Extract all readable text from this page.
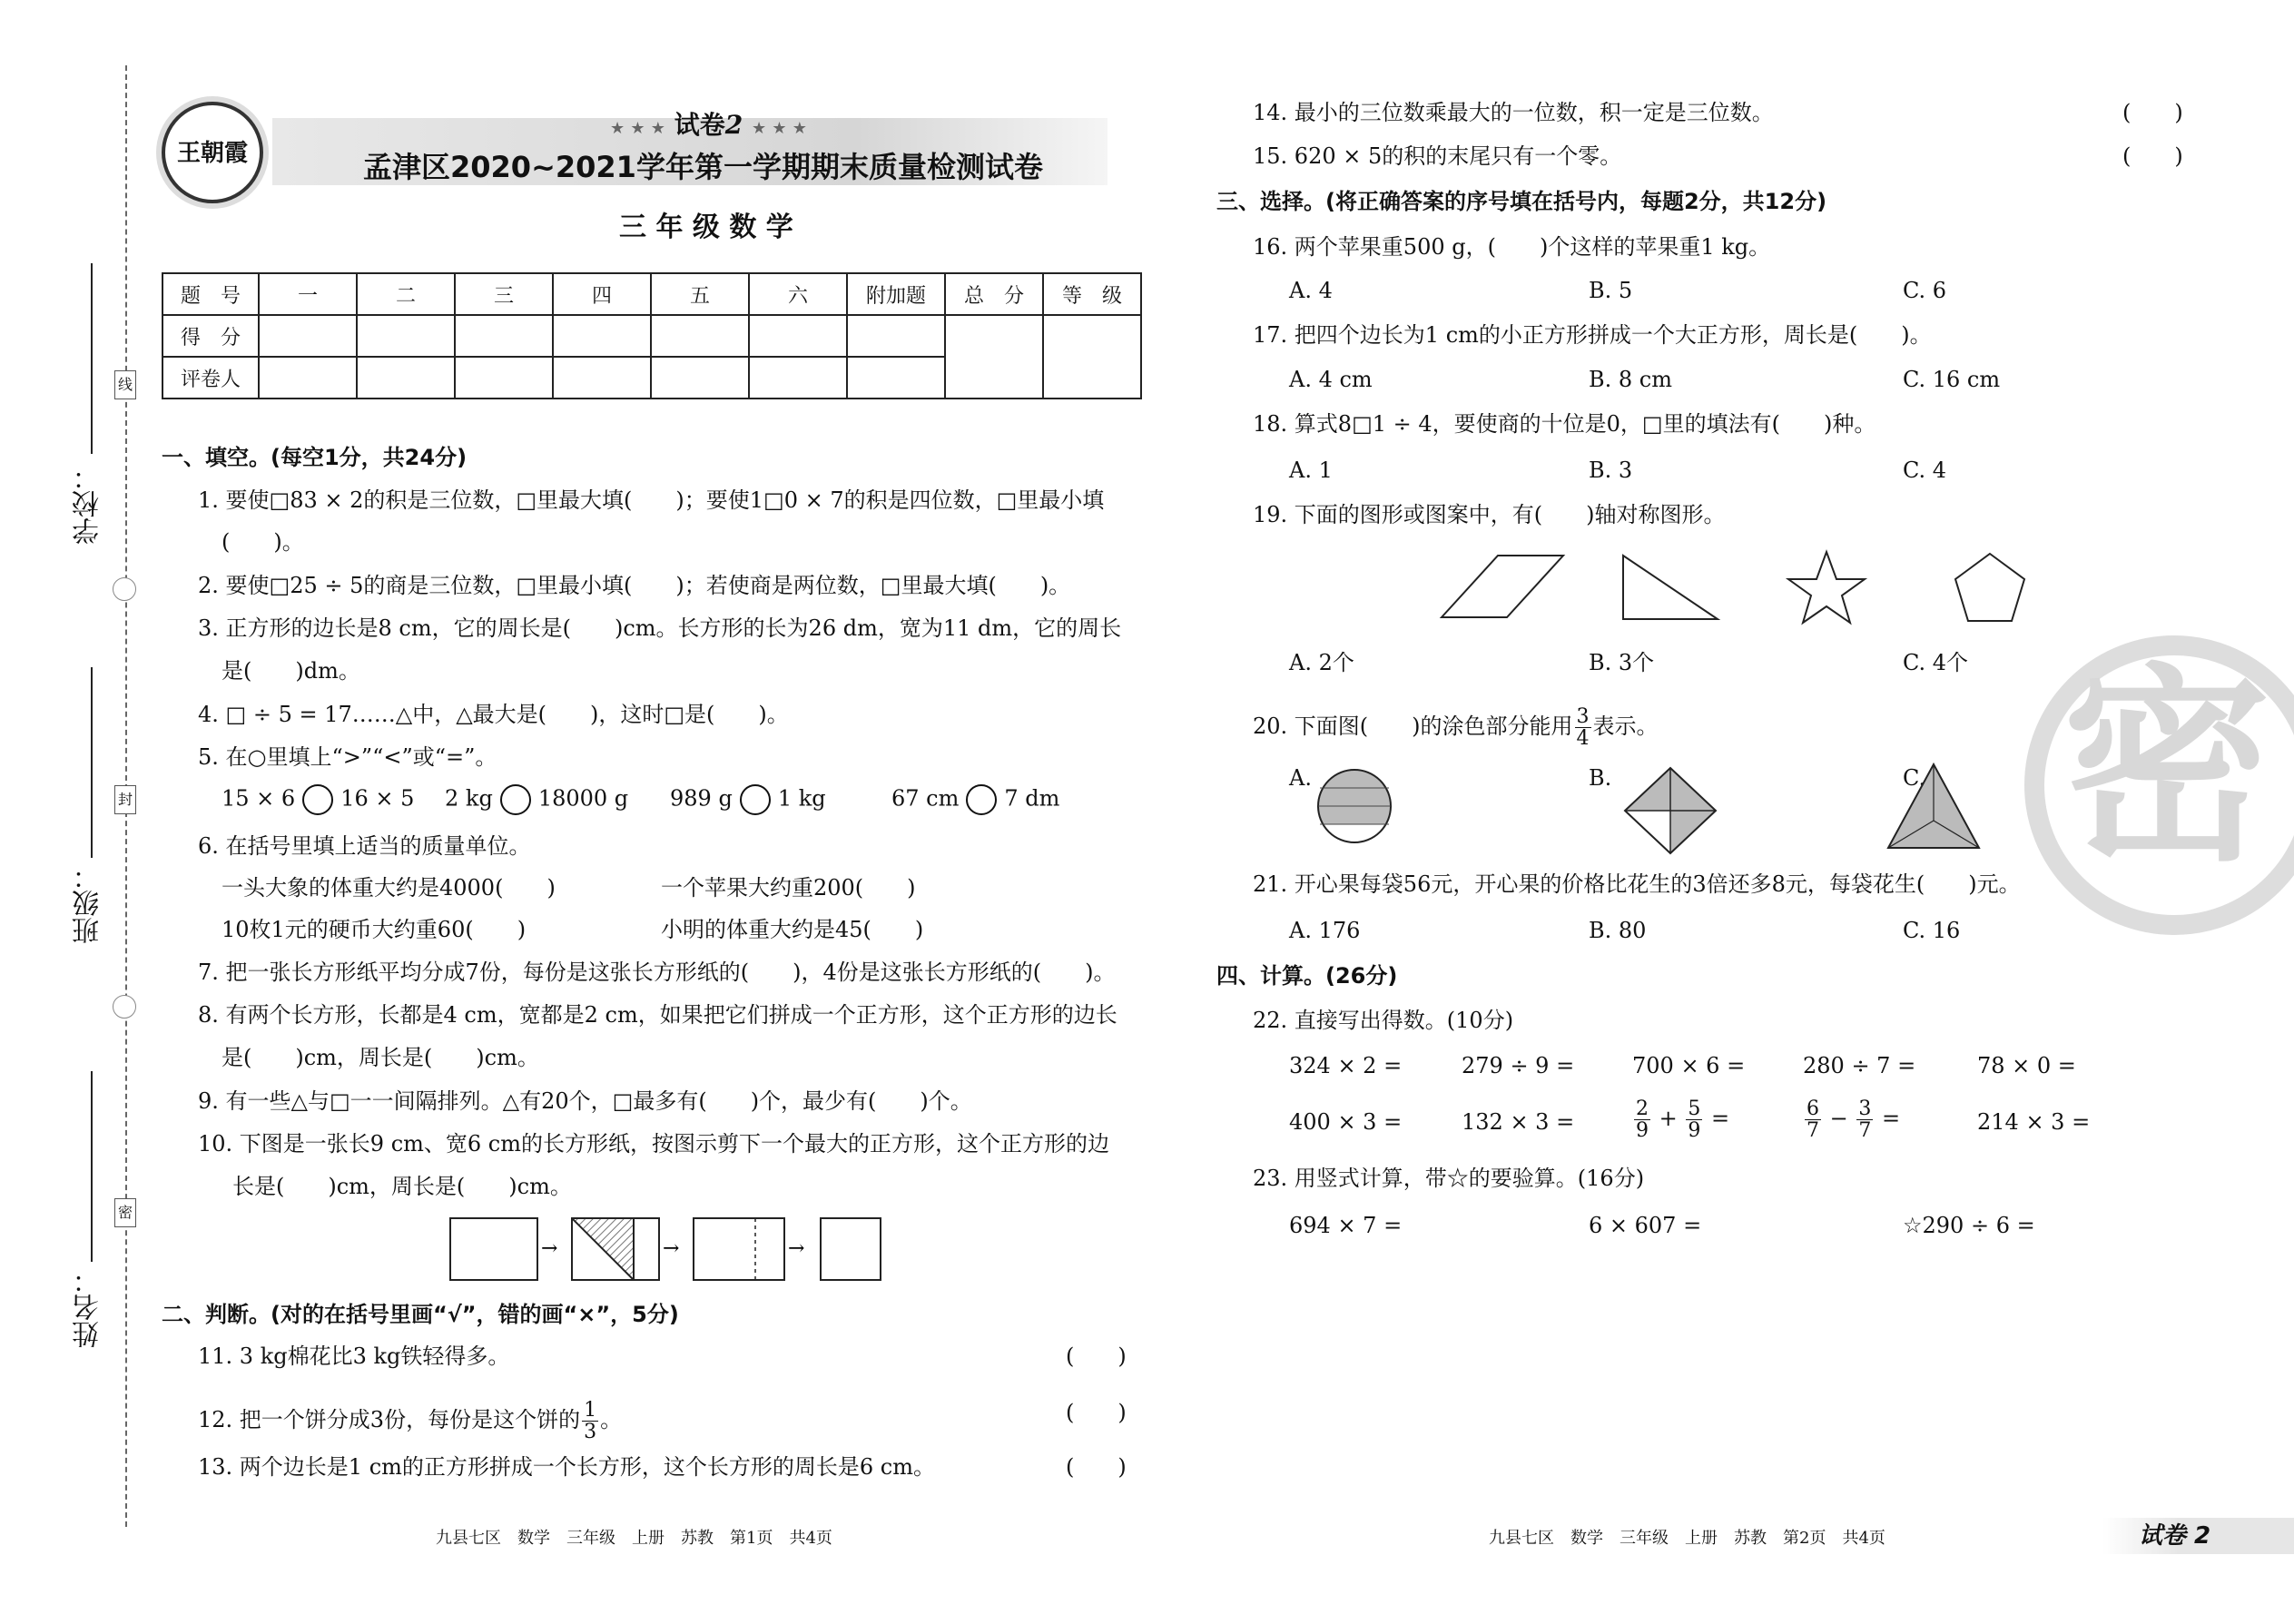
线
封
密
学校：
班级：
姓名：
王朝霞
★ ★ ★ 试卷2 ★ ★ ★
孟津区2020~2021学年第一学期期末质量检测试卷
三 年 级 数 学
题　号	一	二	三	四	五	六	附加题	总　分	等　级
得　分									
评卷人									
一、填空。(每空1分，共24分)
1. 要使□83 × 2的积是三位数，□里最大填(　　)；要使1□0 × 7的积是四位数，□里最小填
(　　)。
2. 要使□25 ÷ 5的商是三位数，□里最小填(　　)；若使商是两位数，□里最大填(　　)。
3. 正方形的边长是8 cm，它的周长是(　　)cm。长方形的长为26 dm，宽为11 dm，它的周长
是(　　)dm。
4. □ ÷ 5 = 17……△中，△最大是(　　)，这时□是(　　)。
5. 在○里填上“>”“<”或“=”。
15 × 6 16 × 5 2 kg 18000 g 989 g 1 kg	67 cm 7 dm
6. 在括号里填上适当的质量单位。
一头大象的体重大约是4000(　　)	一个苹果大约重200(　　)
10枚1元的硬币大约重60(　　)	小明的体重大约是45(　　)
7. 把一张长方形纸平均分成7份，每份是这张长方形纸的(　　)，4份是这张长方形纸的(　　)。
8. 有两个长方形，长都是4 cm，宽都是2 cm，如果把它们拼成一个正方形，这个正方形的边长
是(　　)cm，周长是(　　)cm。
9. 有一些△与□一一间隔排列。△有20个，□最多有(　　)个，最少有(　　)个。
10. 下图是一张长9 cm、宽6 cm的长方形纸，按图示剪下一个最大的正方形，这个正方形的边
长是(　　)cm，周长是(　　)cm。
→	→	→
二、判断。(对的在括号里画“√”，错的画“×”，5分)
11. 3 kg棉花比3 kg铁轻得多。	(　　)
12. 把一个饼分成3份，每份是这个饼的 $\frac{1}{3}$ 。	(　　)
13. 两个边长是1 cm的正方形拼成一个长方形，这个长方形的周长是6 cm。	(　　)
九县七区　数学　三年级　上册　苏教　第1页　共4页
14. 最小的三位数乘最大的一位数，积一定是三位数。	(　　)
15. 620 × 5的积的末尾只有一个零。	(　　)
三、选择。(将正确答案的序号填在括号内，每题2分，共12分)
16. 两个苹果重500 g，(　　)个这样的苹果重1 kg。
A. 4	B. 5	C. 6
17. 把四个边长为1 cm的小正方形拼成一个大正方形，周长是(　　)。
A. 4 cm	B. 8 cm	C. 16 cm
18. 算式8□1 ÷ 4，要使商的十位是0，□里的填法有(　　)种。
A. 1	B. 3	C. 4
19. 下面的图形或图案中，有(　　)轴对称图形。
A. 2个	B. 3个	C. 4个
20. 下面图(　　)的涂色部分能用 $\frac{3}{4}$ 表示。
A.	B.	C.
21. 开心果每袋56元，开心果的价格比花生的3倍还多8元，每袋花生(　　)元。
A. 176	B. 80	C. 16
四、计算。(26分)
22. 直接写出得数。(10分)
324 × 2 =	279 ÷ 9 =	700 × 6 =	280 ÷ 7 =	78 × 0 =
400 × 3 =	132 × 3 =	$\frac{2}{9} + \frac{5}{9}$ =	$\frac{6}{7} - \frac{3}{7}$ =	214 × 3 =
23. 用竖式计算，带☆的要验算。(16分)
694 × 7 =	6 × 607 =	☆290 ÷ 6 =
密
九县七区　数学　三年级　上册　苏教　第2页　共4页	试卷 2
